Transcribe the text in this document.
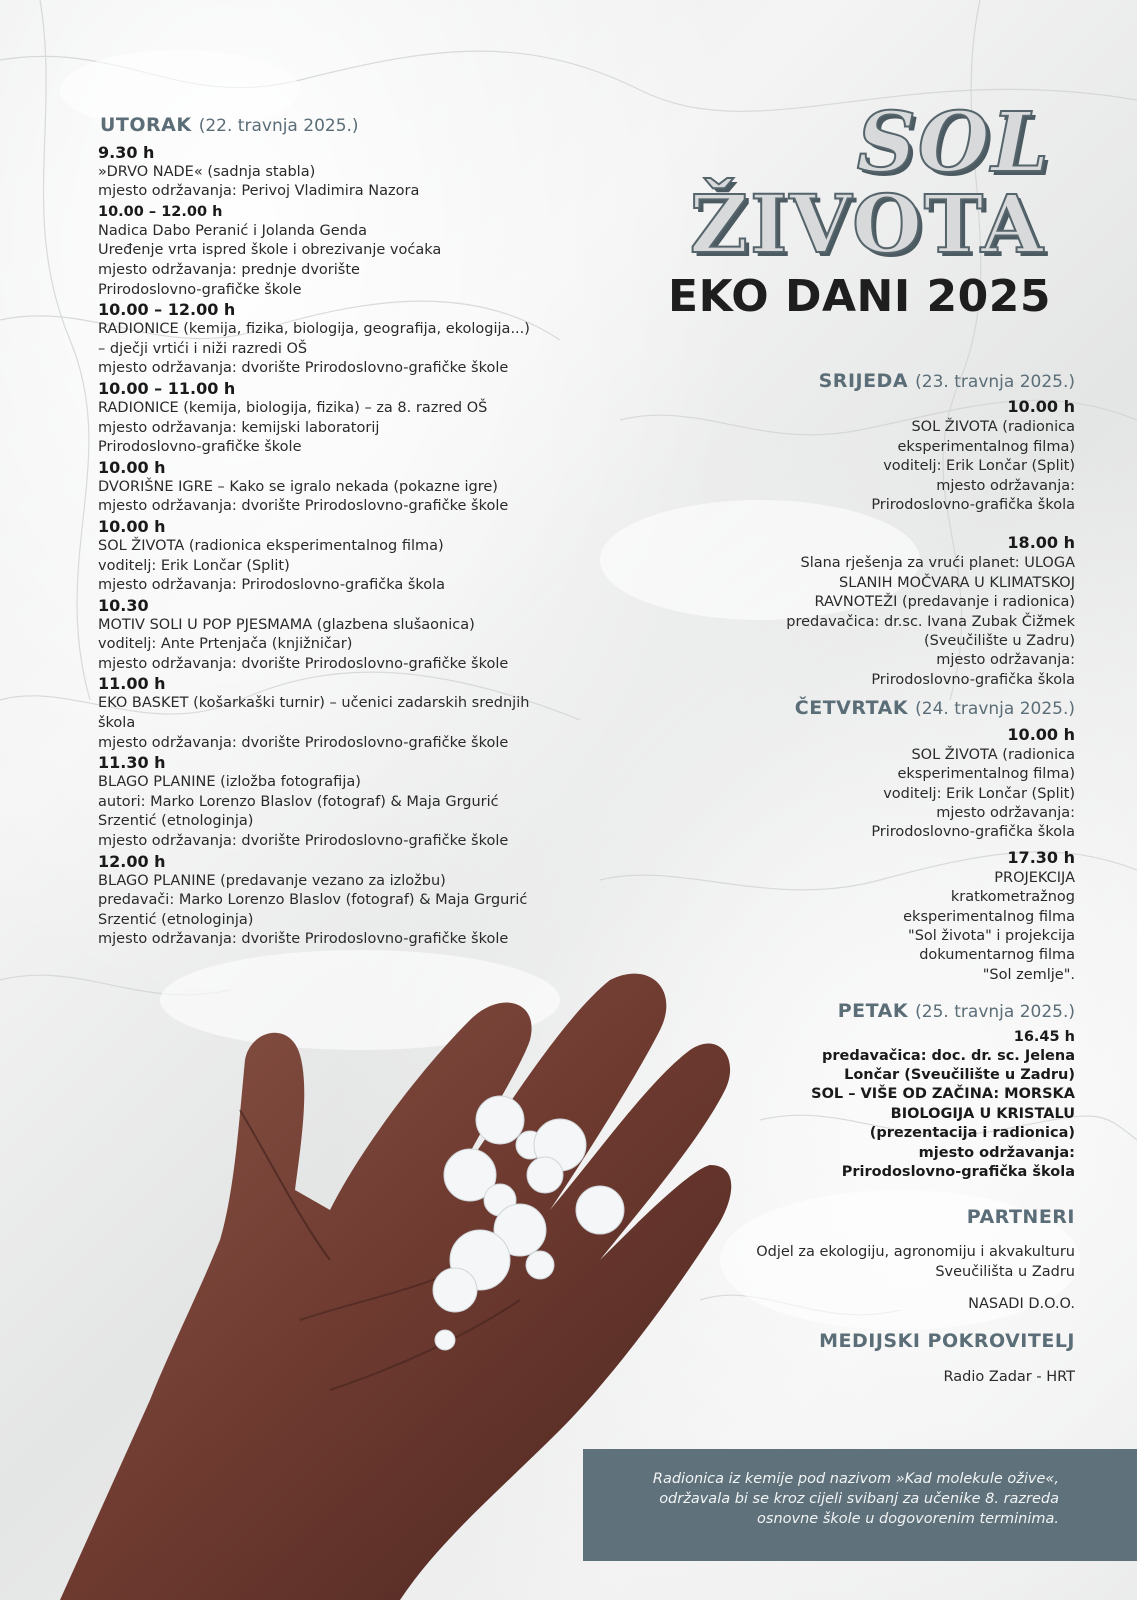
UTORAK (22. travnja 2025.)
9.30 h
»DRVO NADE« (sadnja stabla)
mjesto održavanja: Perivoj Vladimira Nazora
10.00 – 12.00 h
Nadica Dabo Peranić i Jolanda Genda
Uređenje vrta ispred škole i obrezivanje voćaka
mjesto održavanja: prednje dvorište
Prirodoslovno-grafičke škole
10.00 – 12.00 h
RADIONICE (kemija, fizika, biologija, geografija, ekologija...)
– dječji vrtići i niži razredi OŠ
mjesto održavanja: dvorište Prirodoslovno-grafičke škole
10.00 – 11.00 h
RADIONICE (kemija, biologija, fizika) – za 8. razred OŠ
mjesto održavanja: kemijski laboratorij
Prirodoslovno-grafičke škole
10.00 h
DVORIŠNE IGRE – Kako se igralo nekada (pokazne igre)
mjesto održavanja: dvorište Prirodoslovno-grafičke škole
10.00 h
SOL ŽIVOTA (radionica eksperimentalnog filma)
voditelj: Erik Lončar (Split)
mjesto održavanja: Prirodoslovno-grafička škola
10.30
MOTIV SOLI U POP PJESMAMA (glazbena slušaonica)
voditelj: Ante Prtenjača (knjižničar)
mjesto održavanja: dvorište Prirodoslovno-grafičke škole
11.00 h
EKO BASKET (košarkaški turnir) – učenici zadarskih srednjih
škola
mjesto održavanja: dvorište Prirodoslovno-grafičke škole
11.30 h
BLAGO PLANINE (izložba fotografija)
autori: Marko Lorenzo Blaslov (fotograf) & Maja Grgurić
Srzentić (etnologinja)
mjesto održavanja: dvorište Prirodoslovno-grafičke škole
12.00 h
BLAGO PLANINE (predavanje vezano za izložbu)
predavači: Marko Lorenzo Blaslov (fotograf) & Maja Grgurić
Srzentić (etnologinja)
mjesto održavanja: dvorište Prirodoslovno-grafičke škole
SOL
ŽIVOTA
EKO DANI 2025
SRIJEDA (23. travnja 2025.)
10.00 h
SOL ŽIVOTA (radionica
eksperimentalnog filma)
voditelj: Erik Lončar (Split)
mjesto održavanja:
Prirodoslovno-grafička škola
18.00 h
Slana rješenja za vrući planet: ULOGA
SLANIH MOČVARA U KLIMATSKOJ
RAVNOTEŽI (predavanje i radionica)
predavačica: dr.sc. Ivana Zubak Čižmek
(Sveučilište u Zadru)
mjesto održavanja:
Prirodoslovno-grafička škola
ČETVRTAK (24. travnja 2025.)
10.00 h
SOL ŽIVOTA (radionica
eksperimentalnog filma)
voditelj: Erik Lončar (Split)
mjesto održavanja:
Prirodoslovno-grafička škola
17.30 h
PROJEKCIJA
kratkometražnog
eksperimentalnog filma
"Sol života" i projekcija
dokumentarnog filma
"Sol zemlje".
PETAK (25. travnja 2025.)
16.45 h
predavačica: doc. dr. sc. Jelena
Lončar (Sveučilište u Zadru)
SOL – VIŠE OD ZAČINA: MORSKA
BIOLOGIJA U KRISTALU
(prezentacija i radionica)
mjesto održavanja:
Prirodoslovno-grafička škola
PARTNERI
Odjel za ekologiju, agronomiju i akvakulturu Sveučilišta u Zadru
NASADI D.O.O.
MEDIJSKI POKROVITELJ
Radio Zadar - HRT
Radionica iz kemije pod nazivom »Kad molekule ožive«,
održavala bi se kroz cijeli svibanj za učenike 8. razreda
osnovne škole u dogovorenim terminima.
